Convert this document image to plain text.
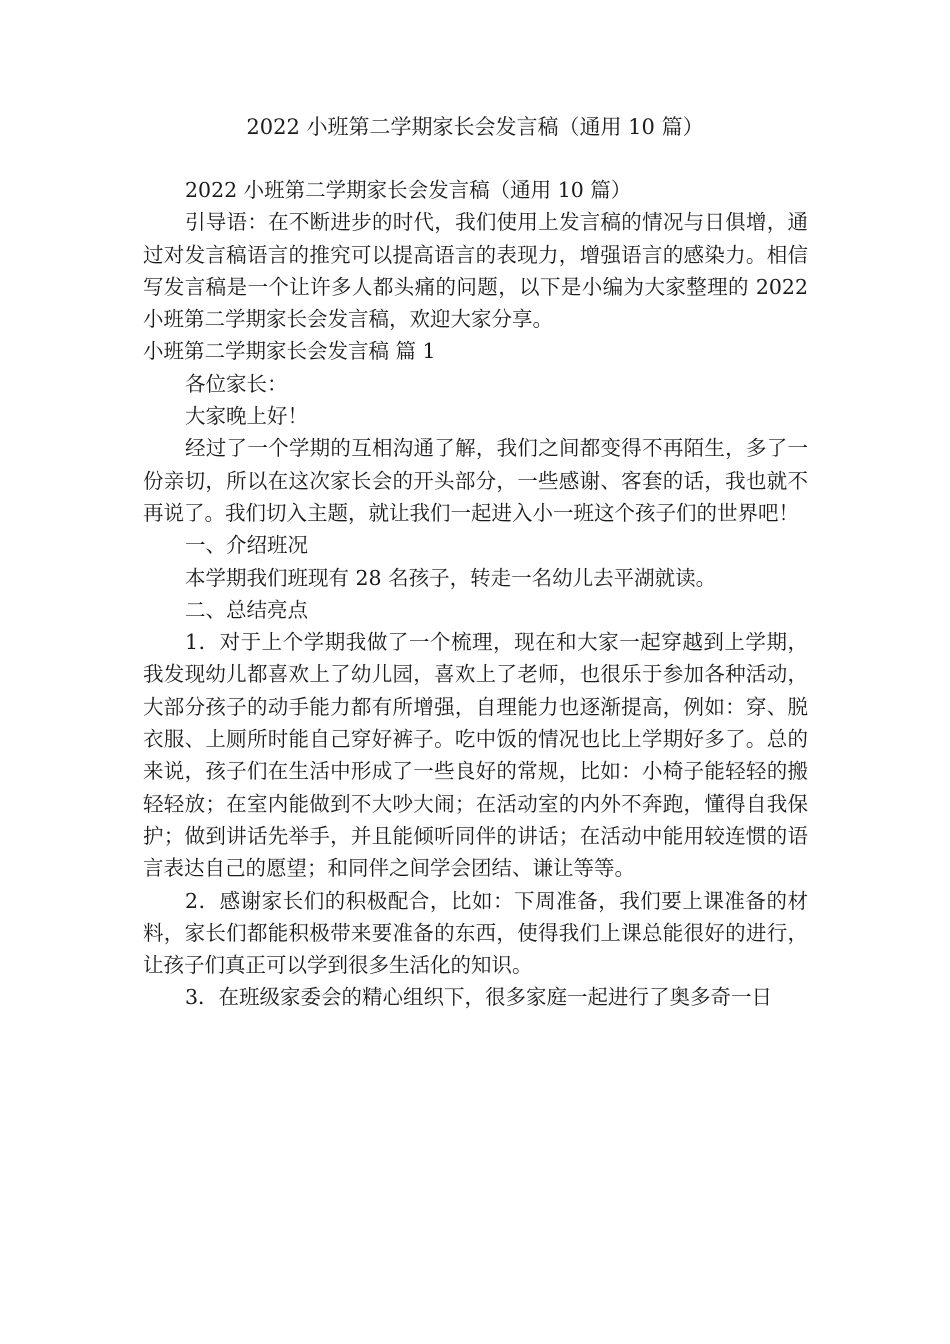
2022 小班第二学期家长会发言稿（通用 10 篇）

2022 小班第二学期家长会发言稿（通用 10 篇）

引导语：在不断进步的时代，我们使用上发言稿的情况与日俱增，通过对发言稿语言的推究可以提高语言的表现力，增强语言的感染力。相信写发言稿是一个让许多人都头痛的问题，以下是小编为大家整理的 2022 小班第二学期家长会发言稿，欢迎大家分享。

小班第二学期家长会发言稿 篇 1

各位家长：

大家晚上好！

经过了一个学期的互相沟通了解，我们之间都变得不再陌生，多了一份亲切，所以在这次家长会的开头部分，一些感谢、客套的话，我也就不再说了。我们切入主题，就让我们一起进入小一班这个孩子们的世界吧！

一、介绍班况

本学期我们班现有 28 名孩子，转走一名幼儿去平湖就读。

二、总结亮点

1．对于上个学期我做了一个梳理，现在和大家一起穿越到上学期，我发现幼儿都喜欢上了幼儿园，喜欢上了老师，也很乐于参加各种活动，大部分孩子的动手能力都有所增强，自理能力也逐渐提高，例如：穿、脱衣服、上厕所时能自己穿好裤子。吃中饭的情况也比上学期好多了。总的来说，孩子们在生活中形成了一些良好的常规，比如：小椅子能轻轻的搬轻轻放；在室内能做到不大吵大闹；在活动室的内外不奔跑，懂得自我保护；做到讲话先举手，并且能倾听同伴的讲话；在活动中能用较连惯的语言表达自己的愿望；和同伴之间学会团结、谦让等等。

2．感谢家长们的积极配合，比如：下周准备，我们要上课准备的材料，家长们都能积极带来要准备的东西，使得我们上课总能很好的进行，让孩子们真正可以学到很多生活化的知识。

3．在班级家委会的精心组织下，很多家庭一起进行了奥多奇一日
